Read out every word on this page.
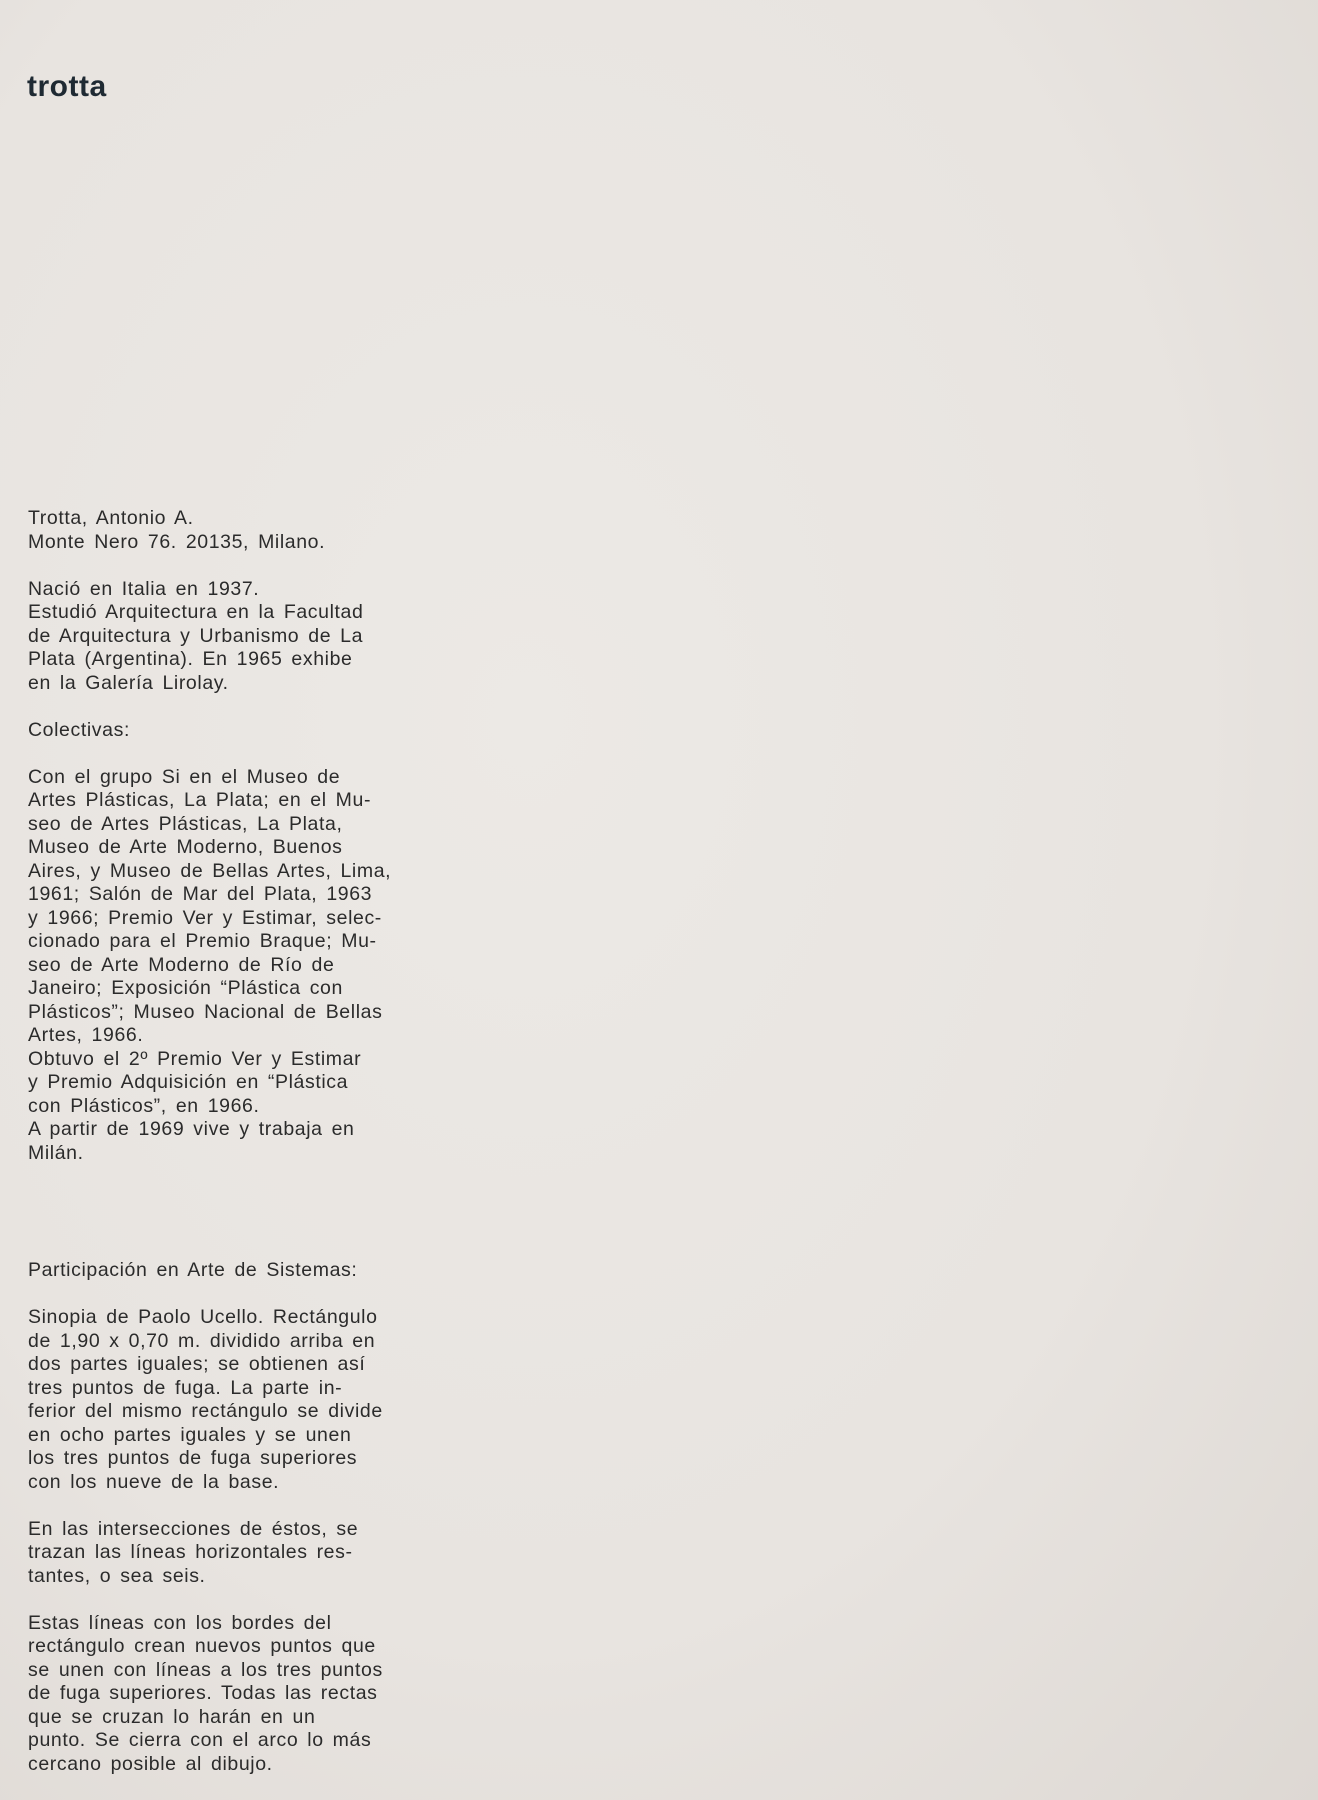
trotta

Trotta, Antonio A.

Monte Nero 76. 20135, Milano.

Nació en Italia en 1937.

Estudió Arquitectura en la Facultad

de Arquitectura y Urbanismo de La

Plata (Argentina). En 1965 exhibe

en la Galería Lirolay.

Colectivas:

Con el grupo Si en el Museo de

Artes Plásticas, La Plata; en el Mu-

seo de Artes Plásticas, La Plata,

Museo de Arte Moderno, Buenos

Aires, y Museo de Bellas Artes, Lima,

1961; Salón de Mar del Plata, 1963

y 1966; Premio Ver y Estimar, selec-

cionado para el Premio Braque; Mu-

seo de Arte Moderno de Río de

Janeiro; Exposición “Plástica con

Plásticos”; Museo Nacional de Bellas

Artes, 1966.

Obtuvo el 2º Premio Ver y Estimar

y Premio Adquisición en “Plástica

con Plásticos”, en 1966.

A partir de 1969 vive y trabaja en

Milán.

Participación en Arte de Sistemas:

Sinopia de Paolo Ucello. Rectángulo

de 1,90 x 0,70 m. dividido arriba en

dos partes iguales; se obtienen así

tres puntos de fuga. La parte in-

ferior del mismo rectángulo se divide

en ocho partes iguales y se unen

los tres puntos de fuga superiores

con los nueve de la base.

En las intersecciones de éstos, se

trazan las líneas horizontales res-

tantes, o sea seis.

Estas líneas con los bordes del

rectángulo crean nuevos puntos que

se unen con líneas a los tres puntos

de fuga superiores. Todas las rectas

que se cruzan lo harán en un

punto. Se cierra con el arco lo más

cercano posible al dibujo.
